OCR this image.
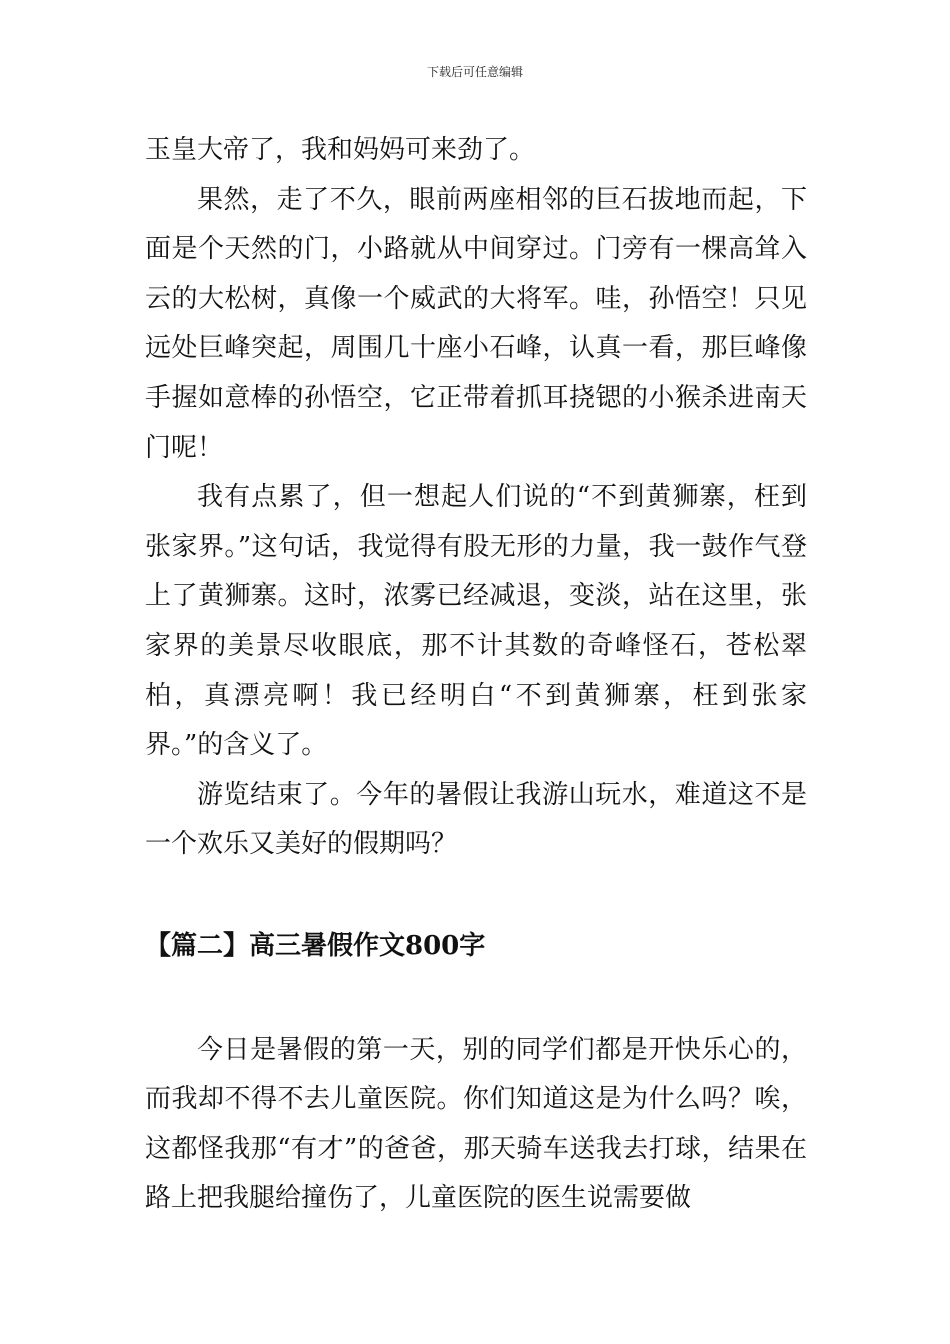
下载后可任意编辑

玉皇大帝了，我和妈妈可来劲了。

果然，走了不久，眼前两座相邻的巨石拔地而起，下面是个天然的门，小路就从中间穿过。门旁有一棵高耸入云的大松树，真像一个威武的大将军。哇，孙悟空！只见远处巨峰突起，周围几十座小石峰，认真一看，那巨峰像手握如意棒的孙悟空，它正带着抓耳挠锶的小猴杀进南天门呢！

我有点累了，但一想起人们说的“不到黄狮寨，枉到张家界。”这句话，我觉得有股无形的力量，我一鼓作气登上了黄狮寨。这时，浓雾已经减退，变淡，站在这里，张家界的美景尽收眼底，那不计其数的奇峰怪石，苍松翠柏，真漂亮啊！我已经明白“不到黄狮寨，枉到张家界。”的含义了。

游览结束了。今年的暑假让我游山玩水，难道这不是一个欢乐又美好的假期吗？

【篇二】高三暑假作文800字

今日是暑假的第一天，别的同学们都是开快乐心的，而我却不得不去儿童医院。你们知道这是为什么吗？唉，这都怪我那“有才”的爸爸，那天骑车送我去打球，结果在路上把我腿给撞伤了，儿童医院的医生说需要做
